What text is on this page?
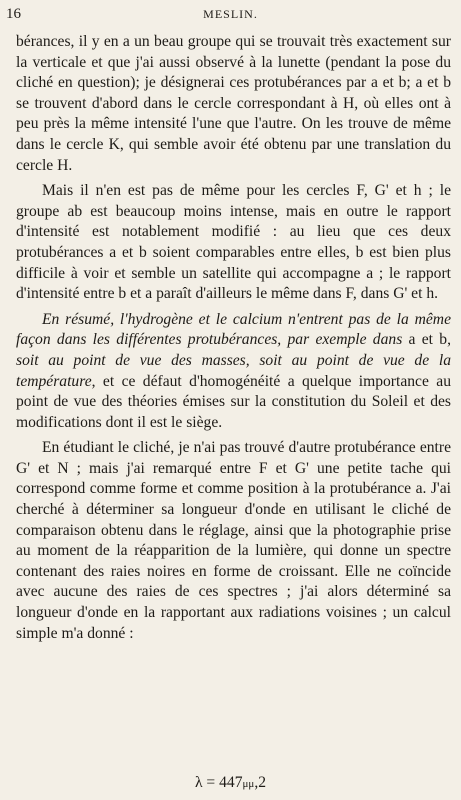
16	MESLIN.

bérances, il y en a un beau groupe qui se trouvait très exactement sur la verticale et que j'ai aussi observé à la lunette (pendant la pose du cliché en question); je désignerai ces protubérances par a et b; a et b se trouvent d'abord dans le cercle correspondant à H, où elles ont à peu près la même intensité l'une que l'autre. On les trouve de même dans le cercle K, qui semble avoir été obtenu par une translation du cercle H.

Mais il n'en est pas de même pour les cercles F, G' et h ; le groupe ab est beaucoup moins intense, mais en outre le rapport d'intensité est notablement modifié : au lieu que ces deux protubérances a et b soient comparables entre elles, b est bien plus difficile à voir et semble un satellite qui accompagne a ; le rapport d'intensité entre b et a paraît d'ailleurs le même dans F, dans G' et h.

En résumé, l'hydrogène et le calcium n'entrent pas de la même façon dans les différentes protubérances, par exemple dans a et b, soit au point de vue des masses, soit au point de vue de la température, et ce défaut d'homogénéité a quelque importance au point de vue des théories émises sur la constitution du Soleil et des modifications dont il est le siège.

En étudiant le cliché, je n'ai pas trouvé d'autre protubérance entre G' et N ; mais j'ai remarqué entre F et G' une petite tache qui correspond comme forme et comme position à la protubérance a. J'ai cherché à déterminer sa longueur d'onde en utilisant le cliché de comparaison obtenu dans le réglage, ainsi que la photographie prise au moment de la réapparition de la lumière, qui donne un spectre contenant des raies noires en forme de croissant. Elle ne coïncide avec aucune des raies de ces spectres ; j'ai alors déterminé sa longueur d'onde en la rapportant aux radiations voisines ; un calcul simple m'a donné :

λ = 447μμ,2
